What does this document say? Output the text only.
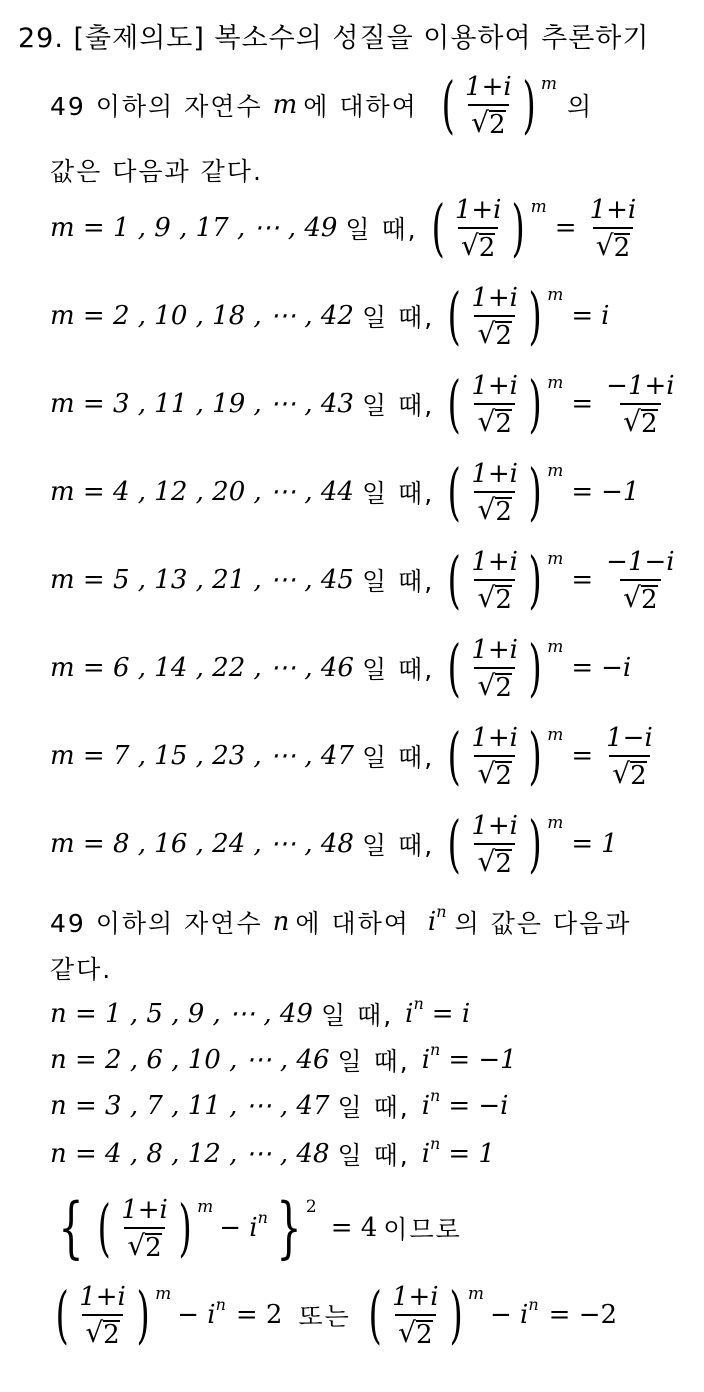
29. [출제의도] 복소수의 성질을 이용하여 추론하기
49 이하의 자연수 m 에 대하여 ( $\frac{1+i}{√ 2}$ ) m
의
값은 다음과 같다.
m = 1 , 9 , 17 , ⋯ , 49 일 때, ( $\frac{1+i}{√ 2}$ ) m
= $\frac{1+i}{√ 2}$
m = 2 , 10 , 18 , ⋯ , 42 일 때, ( $\frac{1+i}{√ 2}$ ) m
= i
m = 3 , 11 , 19 , ⋯ , 43 일 때, ( $\frac{1+i}{√ 2}$ ) m
= $\frac{-1+i}{√ 2}$
m = 4 , 12 , 20 , ⋯ , 44 일 때, ( $\frac{1+i}{√ 2}$ ) m
= −1
m = 5 , 13 , 21 , ⋯ , 45 일 때, ( $\frac{1+i}{√ 2}$ ) m
= $\frac{-1-i}{√ 2}$
m = 6 , 14 , 22 , ⋯ , 46 일 때, ( $\frac{1+i}{√ 2}$ ) m
= −i
m = 7 , 15 , 23 , ⋯ , 47 일 때, ( $\frac{1+i}{√ 2}$ ) m
= $\frac{1-i}{√ 2}$
m = 8 , 16 , 24 , ⋯ , 48 일 때, ( $\frac{1+i}{√ 2}$ ) m
= 1
49 이하의 자연수 n 에 대하여 i n 의 값은 다음과
같다.
n = 1 , 5 , 9 , ⋯ , 49 일 때, i n = i
n = 2 , 6 , 10 , ⋯ , 46 일 때, i n = −1
n = 3 , 7 , 11 , ⋯ , 47 일 때, i n = −i
n = 4 , 8 , 12 , ⋯ , 48 일 때, i n = 1
{ ( $\frac{1+i}{√ 2}$ ) m
− i n } 2
= 4 이므로
( $\frac{1+i}{√ 2}$ ) m
− i n = 2 또는 ( $\frac{1+i}{√ 2}$ ) m
− i n = −2
